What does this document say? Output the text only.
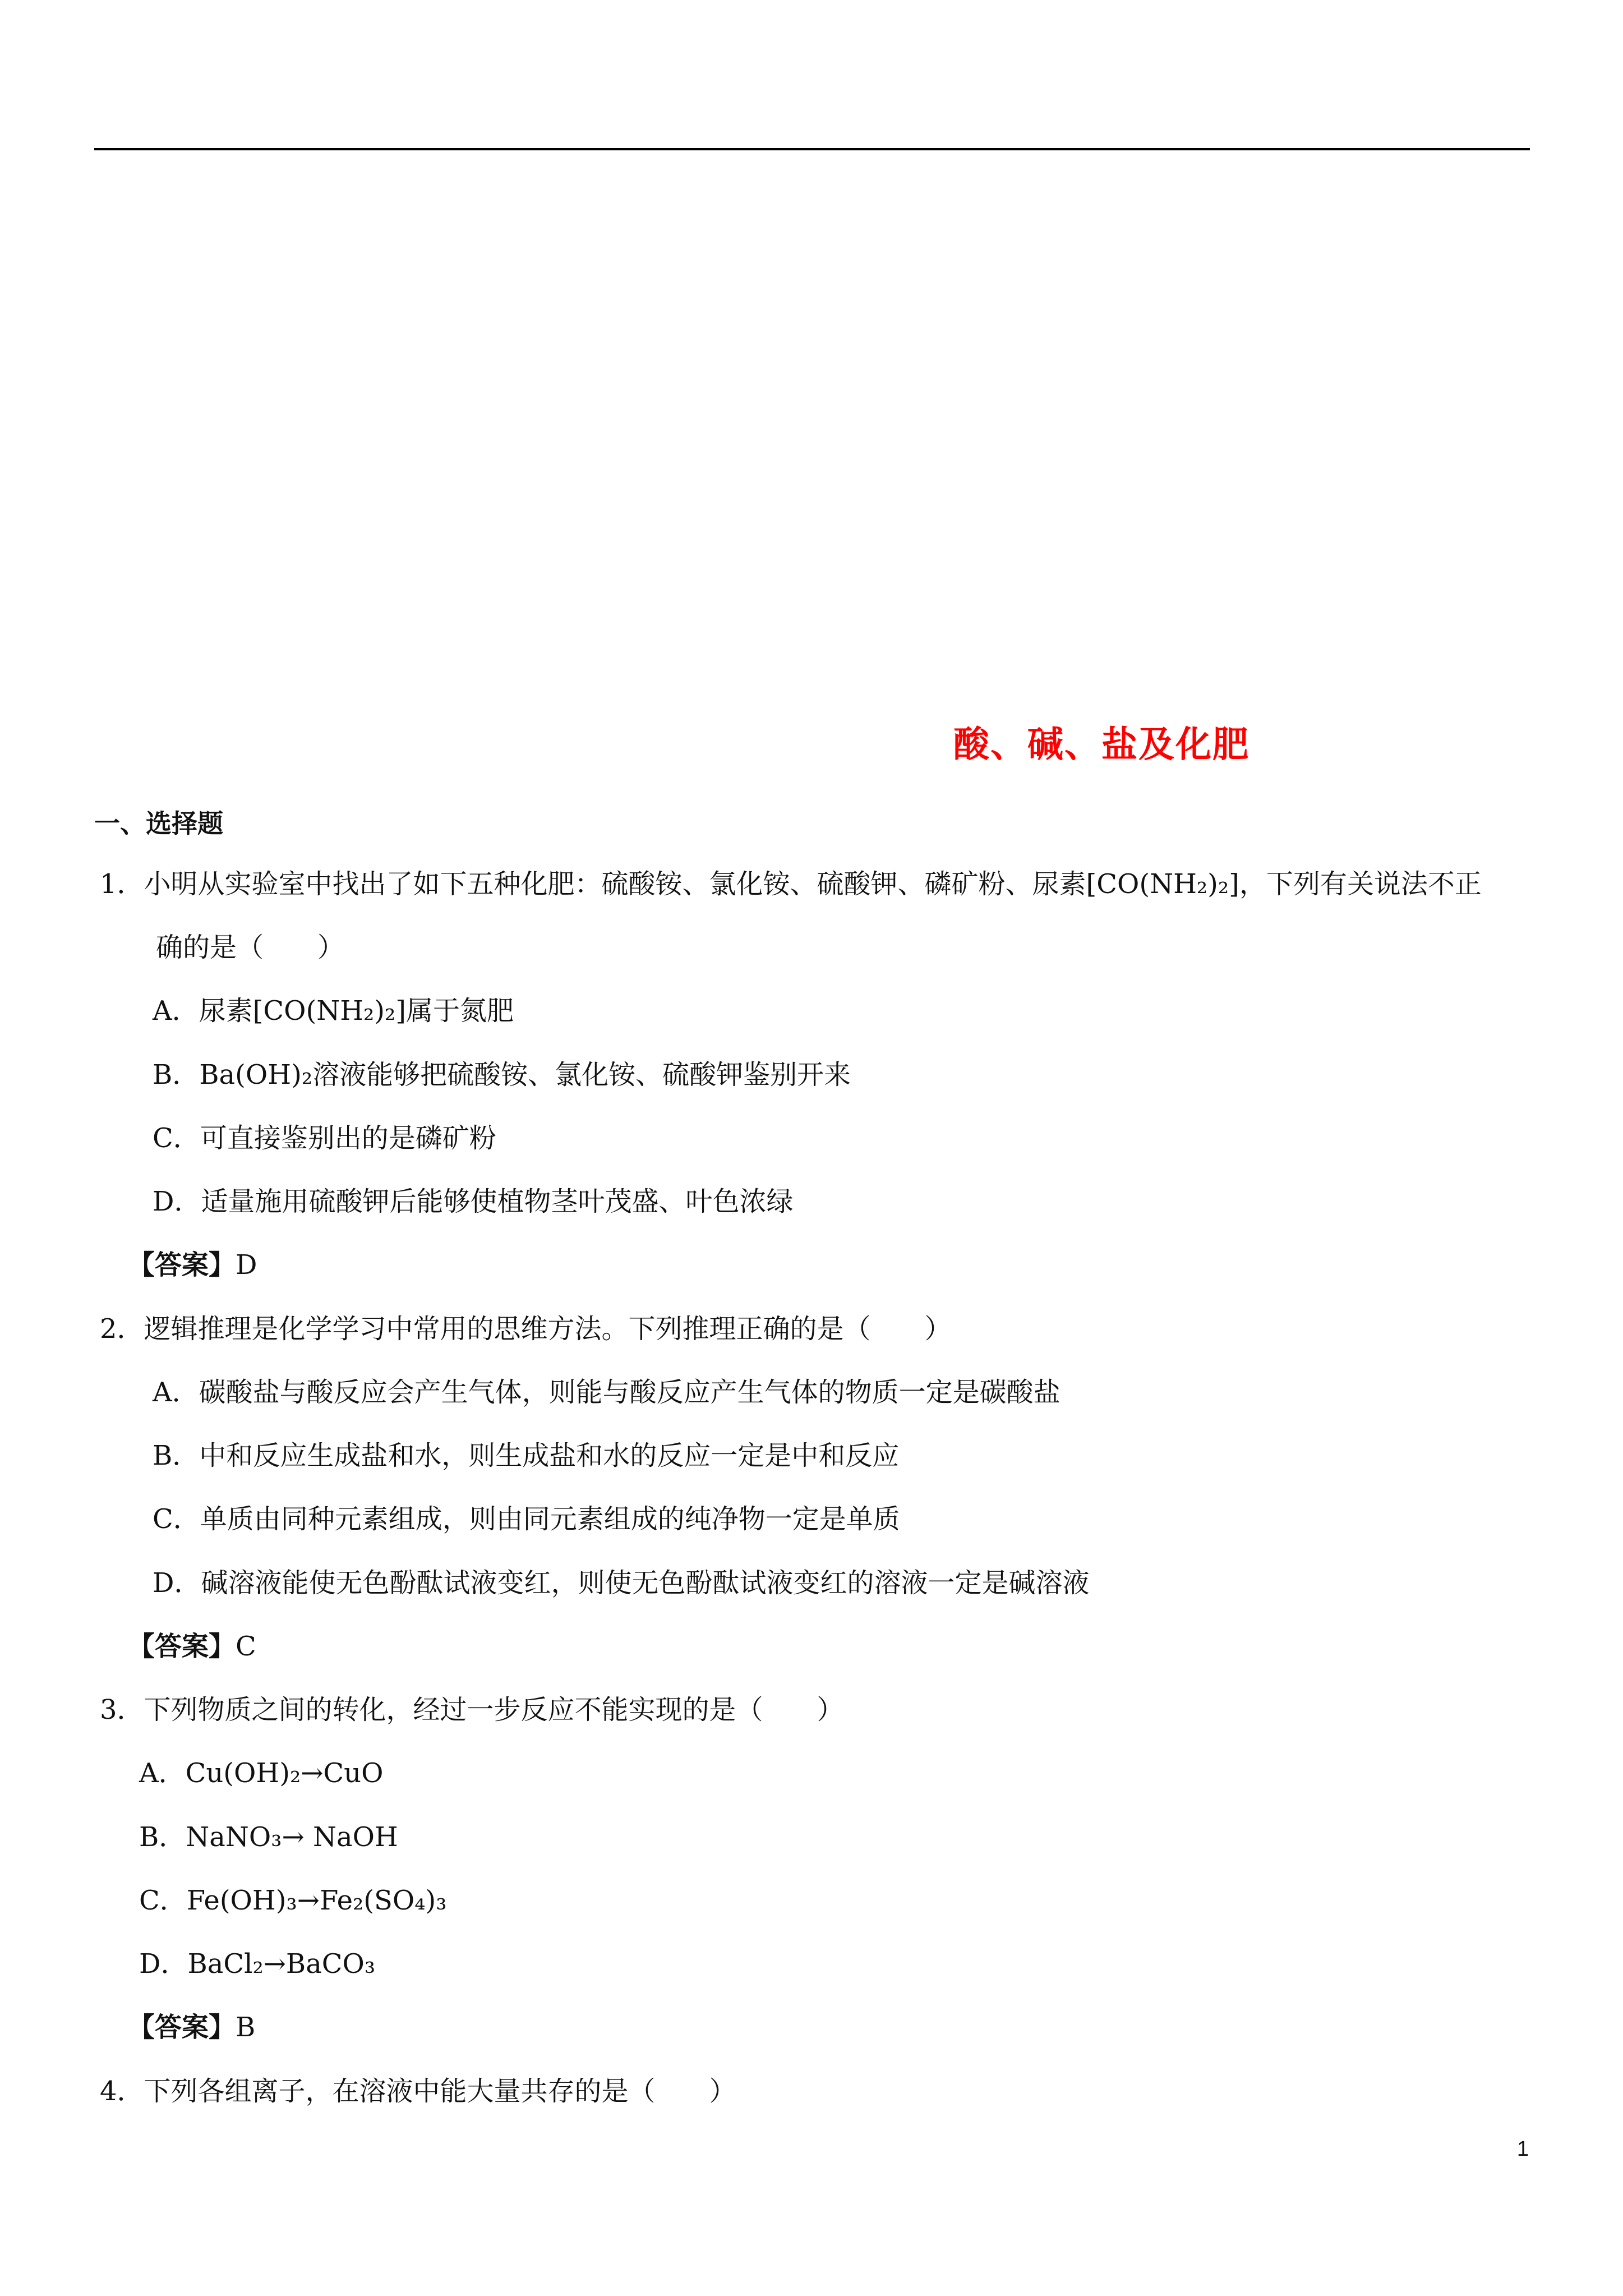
酸、碱、盐及化肥
一、选择题
1．小明从实验室中找出了如下五种化肥：硫酸铵、氯化铵、硫酸钾、磷矿粉、尿素[CO(NH₂)₂]，下列有关说法不正
确的是（　　）
A．尿素[CO(NH₂)₂]属于氮肥
B．Ba(OH)₂溶液能够把硫酸铵、氯化铵、硫酸钾鉴别开来
C．可直接鉴别出的是磷矿粉
D．适量施用硫酸钾后能够使植物茎叶茂盛、叶色浓绿
【答案】D
2．逻辑推理是化学学习中常用的思维方法。下列推理正确的是（　　）
A．碳酸盐与酸反应会产生气体，则能与酸反应产生气体的物质一定是碳酸盐
B．中和反应生成盐和水，则生成盐和水的反应一定是中和反应
C．单质由同种元素组成，则由同元素组成的纯净物一定是单质
D．碱溶液能使无色酚酞试液变红，则使无色酚酞试液变红的溶液一定是碱溶液
【答案】C
3．下列物质之间的转化，经过一步反应不能实现的是（　　）
A．Cu(OH)₂→CuO
B．NaNO₃→ NaOH
C．Fe(OH)₃→Fe₂(SO₄)₃
D．BaCl₂→BaCO₃
【答案】B
4．下列各组离子，在溶液中能大量共存的是（　　）
1
